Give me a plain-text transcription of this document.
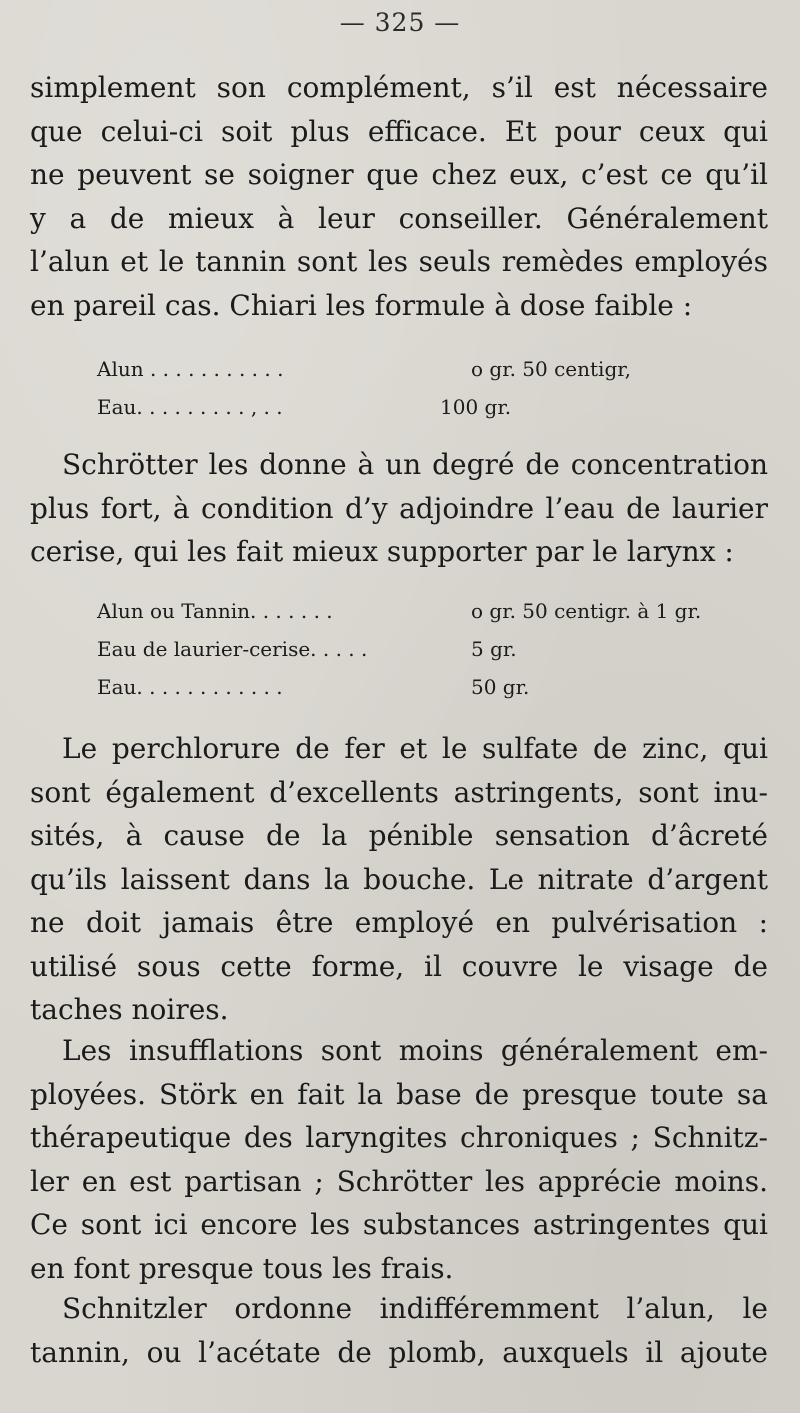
— 325 —
simplement son complément, s’il est nécessaire
que celui-ci soit plus efficace. Et pour ceux qui
ne peuvent se soigner que chez eux, c’est ce qu’il
y a de mieux à leur conseiller. Généralement
l’alun et le tannin sont les seuls remèdes employés
en pareil cas. Chiari les formule à dose faible :
Alun . . . . . . . . . . .	o gr. 50 centigr,
Eau. . . . . . . . . , . .	100 gr.
Schrötter les donne à un degré de concentration
plus fort, à condition d’y adjoindre l’eau de laurier
cerise, qui les fait mieux supporter par le larynx :
Alun ou Tannin. . . . . . .	o gr. 50 centigr. à 1 gr.
Eau de laurier-cerise. . . . .	5 gr.
Eau. . . . . . . . . . . .	50 gr.
Le perchlorure de fer et le sulfate de zinc, qui
sont également d’excellents astringents, sont inu-
sités, à cause de la pénible sensation d’âcreté
qu’ils laissent dans la bouche. Le nitrate d’argent
ne doit jamais être employé en pulvérisation :
utilisé sous cette forme, il couvre le visage de
taches noires.
Les insufflations sont moins généralement em-
ployées. Störk en fait la base de presque toute sa
thérapeutique des laryngites chroniques ; Schnitz-
ler en est partisan ; Schrötter les apprécie moins.
Ce sont ici encore les substances astringentes qui
en font presque tous les frais.
Schnitzler ordonne indifféremment l’alun, le
tannin, ou l’acétate de plomb, auxquels il ajoute
